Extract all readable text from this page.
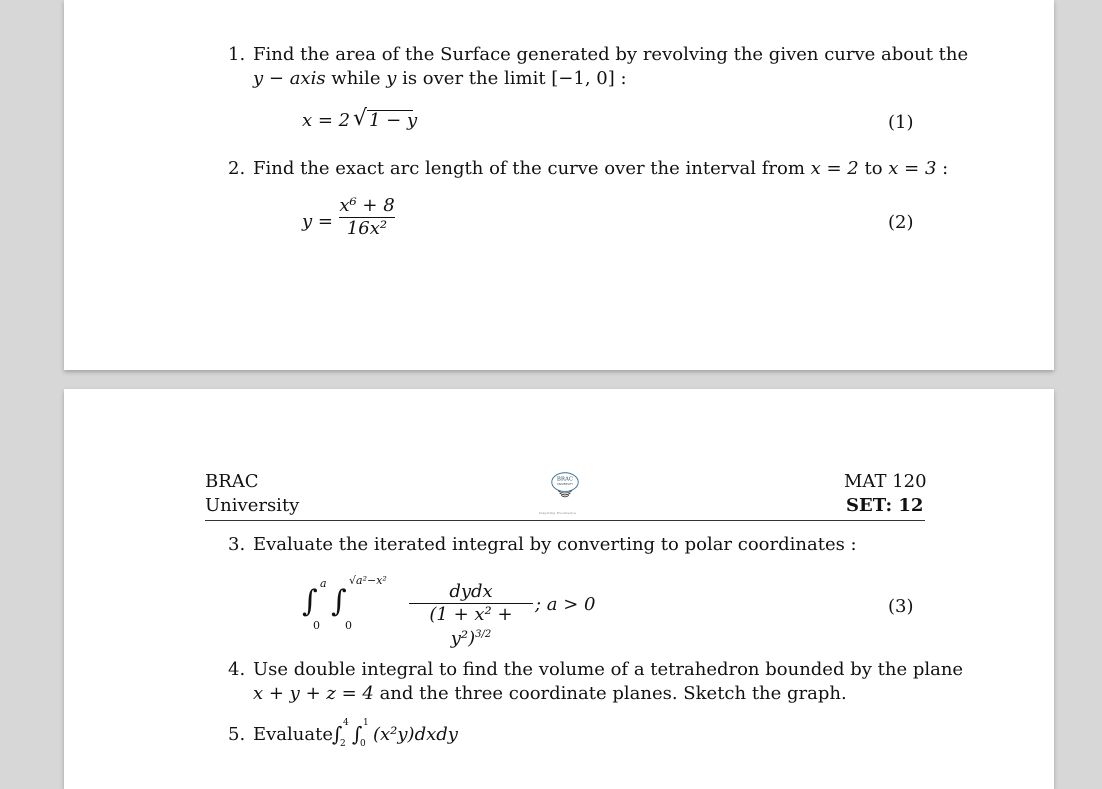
1. Find the area of the Surface generated by revolving the given curve about the
y − axis while y is over the limit [−1, 0] :
x = 2 √ 1 − y	(1)
2. Find the exact arc length of the curve over the interval from x = 2 to x = 3 :
y =
x⁶ + 8
16x²	(2)
BRAC
University
BRAC
UNIVERSITY
Inspiring Excellence
MAT 120
SET: 12
3. Evaluate the iterated integral by converting to polar coordinates :
∫
a
0
∫
√a²−x²
0
dydx
$(1 + x^2 + y^2)^{3/2}$
; a > 0	(3)
4. Use double integral to find the volume of a tetrahedron bounded by the plane
x + y + z = 4 and the three coordinate planes. Sketch the graph.
5. Evaluate
∫ 4
2 ∫ 1
0 (x²y)dxdy
